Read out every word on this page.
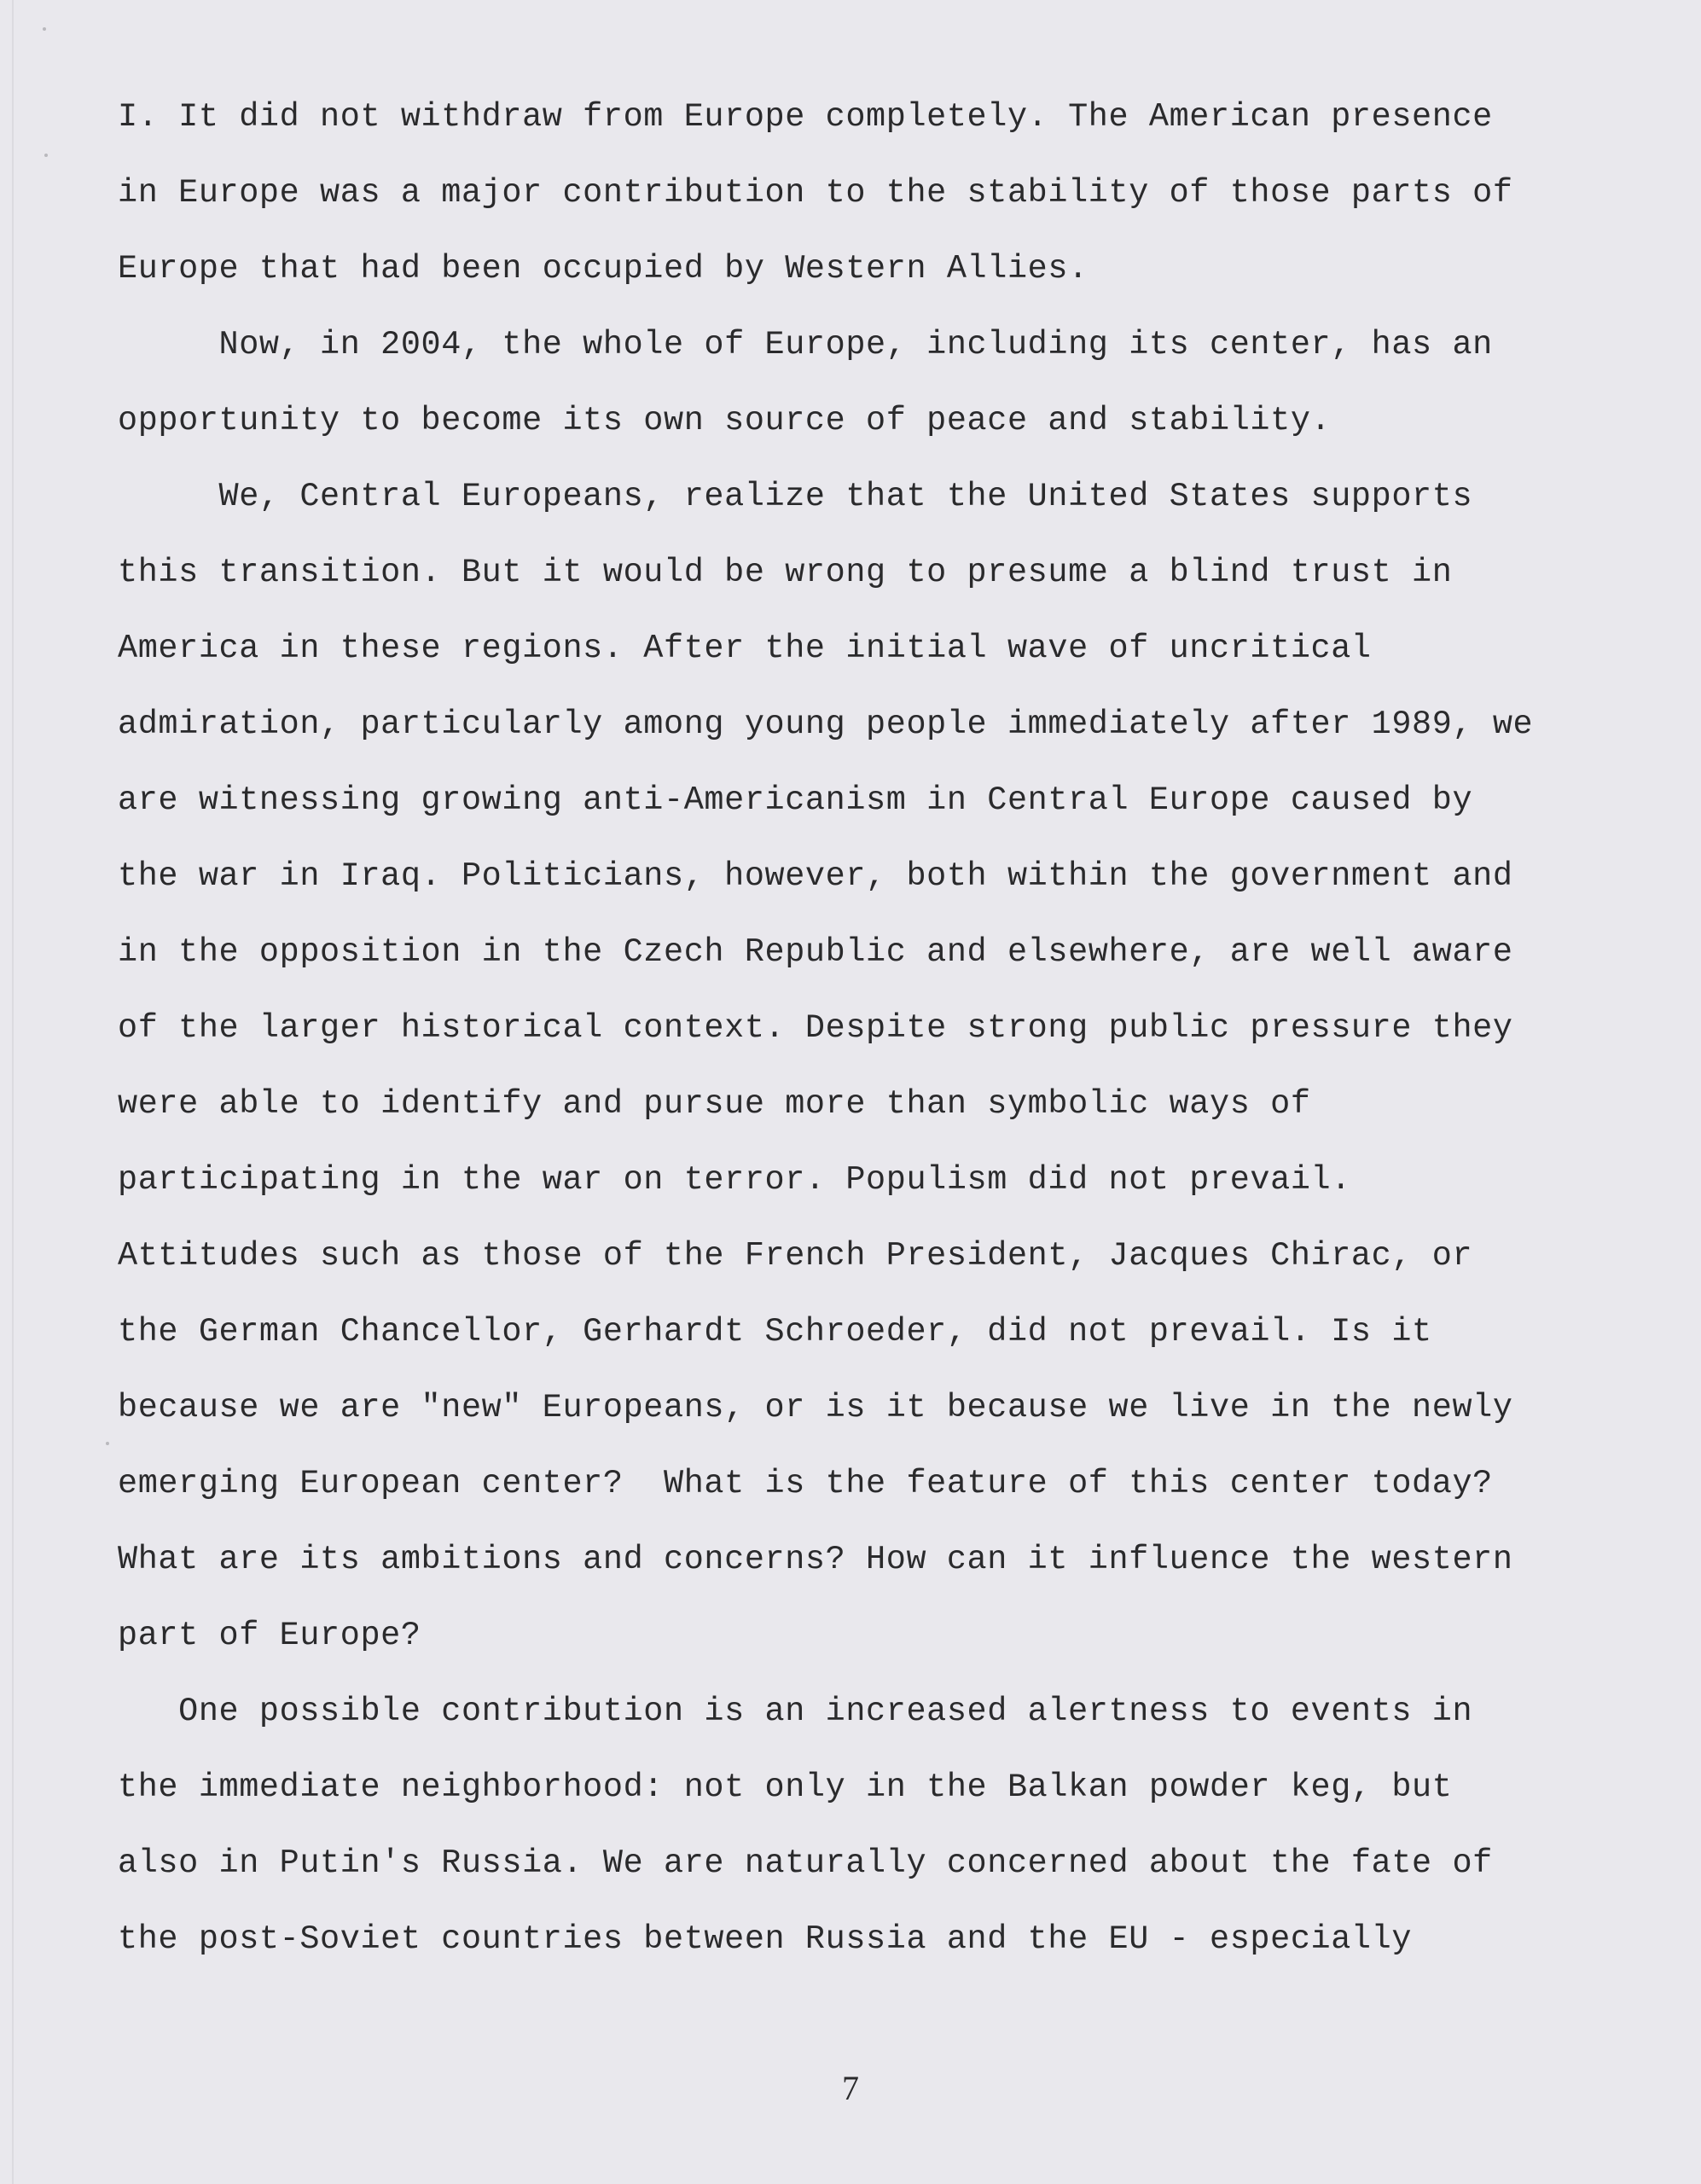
I. It did not withdraw from Europe completely. The American presence
in Europe was a major contribution to the stability of those parts of
Europe that had been occupied by Western Allies.
Now, in 2004, the whole of Europe, including its center, has an
opportunity to become its own source of peace and stability.
We, Central Europeans, realize that the United States supports
this transition. But it would be wrong to presume a blind trust in
America in these regions. After the initial wave of uncritical
admiration, particularly among young people immediately after 1989, we
are witnessing growing anti-Americanism in Central Europe caused by
the war in Iraq. Politicians, however, both within the government and
in the opposition in the Czech Republic and elsewhere, are well aware
of the larger historical context. Despite strong public pressure they
were able to identify and pursue more than symbolic ways of
participating in the war on terror. Populism did not prevail.
Attitudes such as those of the French President, Jacques Chirac, or
the German Chancellor, Gerhardt Schroeder, did not prevail. Is it
because we are "new" Europeans, or is it because we live in the newly
emerging European center?  What is the feature of this center today?
What are its ambitions and concerns? How can it influence the western
part of Europe?
One possible contribution is an increased alertness to events in
the immediate neighborhood: not only in the Balkan powder keg, but
also in Putin's Russia. We are naturally concerned about the fate of
the post-Soviet countries between Russia and the EU - especially
7
